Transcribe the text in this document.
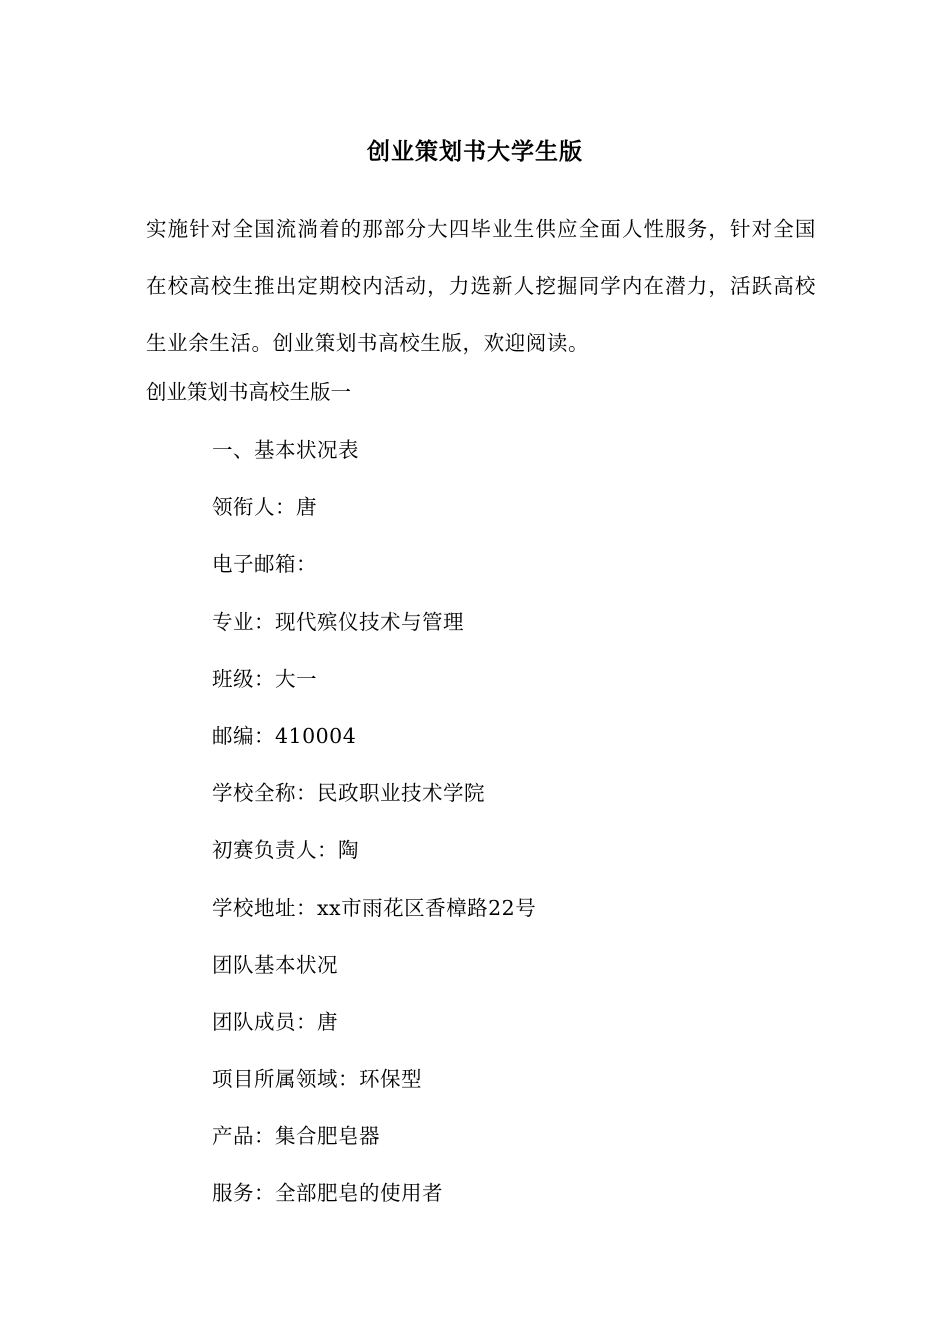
创业策划书大学生版

实施针对全国流淌着的那部分大四毕业生供应全面人性服务，针对全国在校高校生推出定期校内活动，力选新人挖掘同学内在潜力，活跃高校生业余生活。创业策划书高校生版，欢迎阅读。

创业策划书高校生版一
一、基本状况表
领衔人：唐
电子邮箱：
专业：现代殡仪技术与管理
班级：大一
邮编：410004
学校全称：民政职业技术学院
初赛负责人：陶
学校地址：xx市雨花区香樟路22号
团队基本状况
团队成员：唐
项目所属领域：环保型
产品：集合肥皂器
服务：全部肥皂的使用者
